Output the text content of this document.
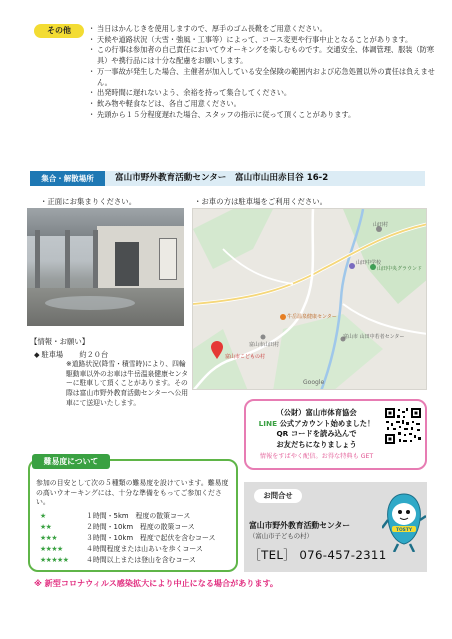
その他
・	当日はかんじきを使用しますので、厚手のゴム長靴をご用意ください。
・ 天候や道路状況（大雪・強風・工事等）によって、コース変更や行事中止となることがあります。
・ この行事は参加者の自己責任においてウオーキングを楽しむものです。交通安全、体調管理、服装（防寒具）や携行品には十分な配慮をお願いします。
・ 万一事故が発生した場合、主催者が加入している安全保険の範囲内および応急処置以外の責任は負えません。
・ 出発時間に遅れないよう、余裕を持って集合してください。
・ 飲み物や軽食などは、各自ご用意ください。
・ 先頭から１５分程度遅れた場合、スタッフの指示に従って頂くことがあります。
集合・解散場所	富山市野外教育活動センター　富山市山田赤目谷 16-2
・正面にお集まりください。	・お車の方は駐車場をご利用ください。
山田村
山田中学校
山田中央グラウンド
牛岳温泉健康センター
富山市山田村
富山市 山田中若者センター
富山市こどもの村
Google
【情報・お願い】
◆ 駐車場 約２０台
※道路状況(降雪・積雪時)により、四輪駆動車以外のお車は牛岳温泉健康センターに駐車して頂くことがあります。その際は富山市野外教育活動センターへ公用車にて送迎いたします。
（公財）富山市体育協会
LINE 公式アカウント始めました！
QR コードを読み込んで
お友だちになりましょう
情報をすばやく配信。お得な特典も GET
参加の目安として次の５種類の難易度を設けています。難易度の高いウオーキングには、十分な準備をもってご参加ください。
★	１時間・5km　程度の散策コース
★★	２時間・10km　程度の散策コース
★★★	３時間・10km　程度で起伏を含むコース
★★★★	４時間程度または山あいを歩くコース
★★★★★	４時間以上または登山を含むコース
難易度について
お問合せ
富山市野外教育活動センター
（富山市子どもの村）
［TEL］ 076-457-2311
TOSTY
※ 新型コロナウィルス感染拡大により中止になる場合があります。
